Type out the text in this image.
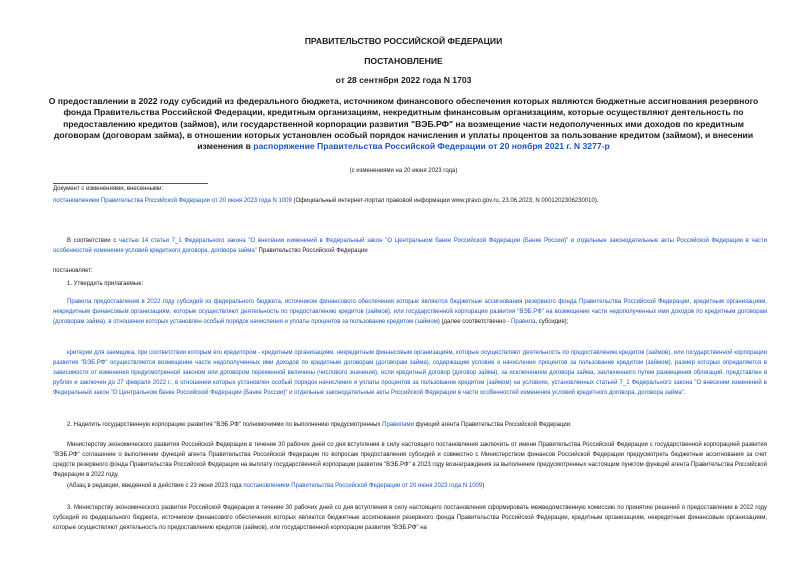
ПРАВИТЕЛЬСТВО РОССИЙСКОЙ ФЕДЕРАЦИИ
ПОСТАНОВЛЕНИЕ
от 28 сентября 2022 года N 1703
О предоставлении в 2022 году субсидий из федерального бюджета, источником финансового обеспечения которых являются бюджетные ассигнования резервного фонда Правительства Российской Федерации, кредитным организациям, некредитным финансовым организациям, которые осуществляют деятельность по предоставлению кредитов (займов), или государственной корпорации развития "ВЭБ.РФ" на возмещение части недополученных ими доходов по кредитным договорам (договорам займа), в отношении которых установлен особый порядок начисления и уплаты процентов за пользование кредитом (займом), и внесении изменения в распоряжение Правительства Российской Федерации от 20 ноября 2021 г. N 3277-р
(с изменениями на 20 июня 2023 года)
Документ с изменениями, внесенными:
постановлением Правительства Российской Федерации от 20 июня 2023 года N 1009 (Официальный интернет-портал правовой информации www.pravo.gov.ru, 23.06.2023, N 0001202306230010).
В соответствии с частью 14 статьи 7_1 Федерального закона "О внесении изменений в Федеральный закон "О Центральном банке Российской Федерации (Банке России)" и отдельные законодательные акты Российской Федерации в части особенностей изменения условий кредитного договора, договора займа" Правительство Российской Федерации
постановляет:
1. Утвердить прилагаемые:
Правила предоставления в 2022 году субсидий из федерального бюджета, источником финансового обеспечения которых являются бюджетные ассигнования резервного фонда Правительства Российской Федерации, кредитным организациям, некредитным финансовым организациям, которые осуществляют деятельность по предоставлению кредитов (займов), или государственной корпорации развития "ВЭБ.РФ" на возмещение части недополученных ими доходов по кредитным договорам (договорам займа), в отношении которых установлен особый порядок начисления и уплаты процентов за пользование кредитом (займом) (далее соответственно - Правила, субсидия);
критерии для заемщика, при соответствии которым его кредитором - кредитным организациям, некредитным финансовым организациям, которые осуществляют деятельность по предоставлению кредитов (займов), или государственной корпорации развития "ВЭБ.РФ" осуществляется возмещение части недополученных ими доходов по кредитным договорам (договорам займа), содержащим условие о начислении процентов за пользование кредитом (займом), размер которых определяется в зависимости от изменения предусмотренной законом или договором переменной величины (числового значения), если кредитный договор (договор займа), за исключением договора займа, заключенного путем размещения облигаций, представлен в рублях и заключен до 27 февраля 2022 г., в отношении которых установлен особый порядок начисления и уплаты процентов за пользование кредитом (займом) на условиях, установленных статьей 7_1 Федерального закона "О внесении изменений в Федеральный закон "О Центральном банке Российской Федерации (Банке России)" и отдельные законодательные акты Российской Федерации в части особенностей изменения условий кредитного договора, договора займа".
2. Наделить государственную корпорацию развития "ВЭБ.РФ" полномочиями по выполнению предусмотренных Правилами функций агента Правительства Российской Федерации.
Министерству экономического развития Российской Федерации в течение 30 рабочих дней со дня вступления в силу настоящего постановления заключить от имени Правительства Российской Федерации с государственной корпорацией развития "ВЭБ.РФ" соглашение о выполнении функций агента Правительства Российской Федерации по вопросам предоставления субсидий и совместно с Министерством финансов Российской Федерации предусмотреть бюджетные ассигнования за счет средств резервного фонда Правительства Российской Федерации на выплату государственной корпорации развития "ВЭБ.РФ" в 2023 году вознаграждения за выполнение предусмотренных настоящим пунктом функций агента Правительства Российской Федерации в 2022 году.
(Абзац в редакции, введенной в действие с 23 июня 2023 года постановлением Правительства Российской Федерации от 20 июня 2023 года N 1009)
3. Министерству экономического развития Российской Федерации в течение 30 рабочих дней со дня вступления в силу настоящего постановления сформировать межведомственную комиссию по принятию решений о предоставлении в 2022 году субсидий из федерального бюджета, источником финансового обеспечения которых являются бюджетные ассигнования резервного фонда Правительства Российской Федерации, кредитным организациям, некредитным финансовым организациям, которые осуществляют деятельность по предоставлению кредитов (займов), или государственной корпорации развития "ВЭБ.РФ" на
